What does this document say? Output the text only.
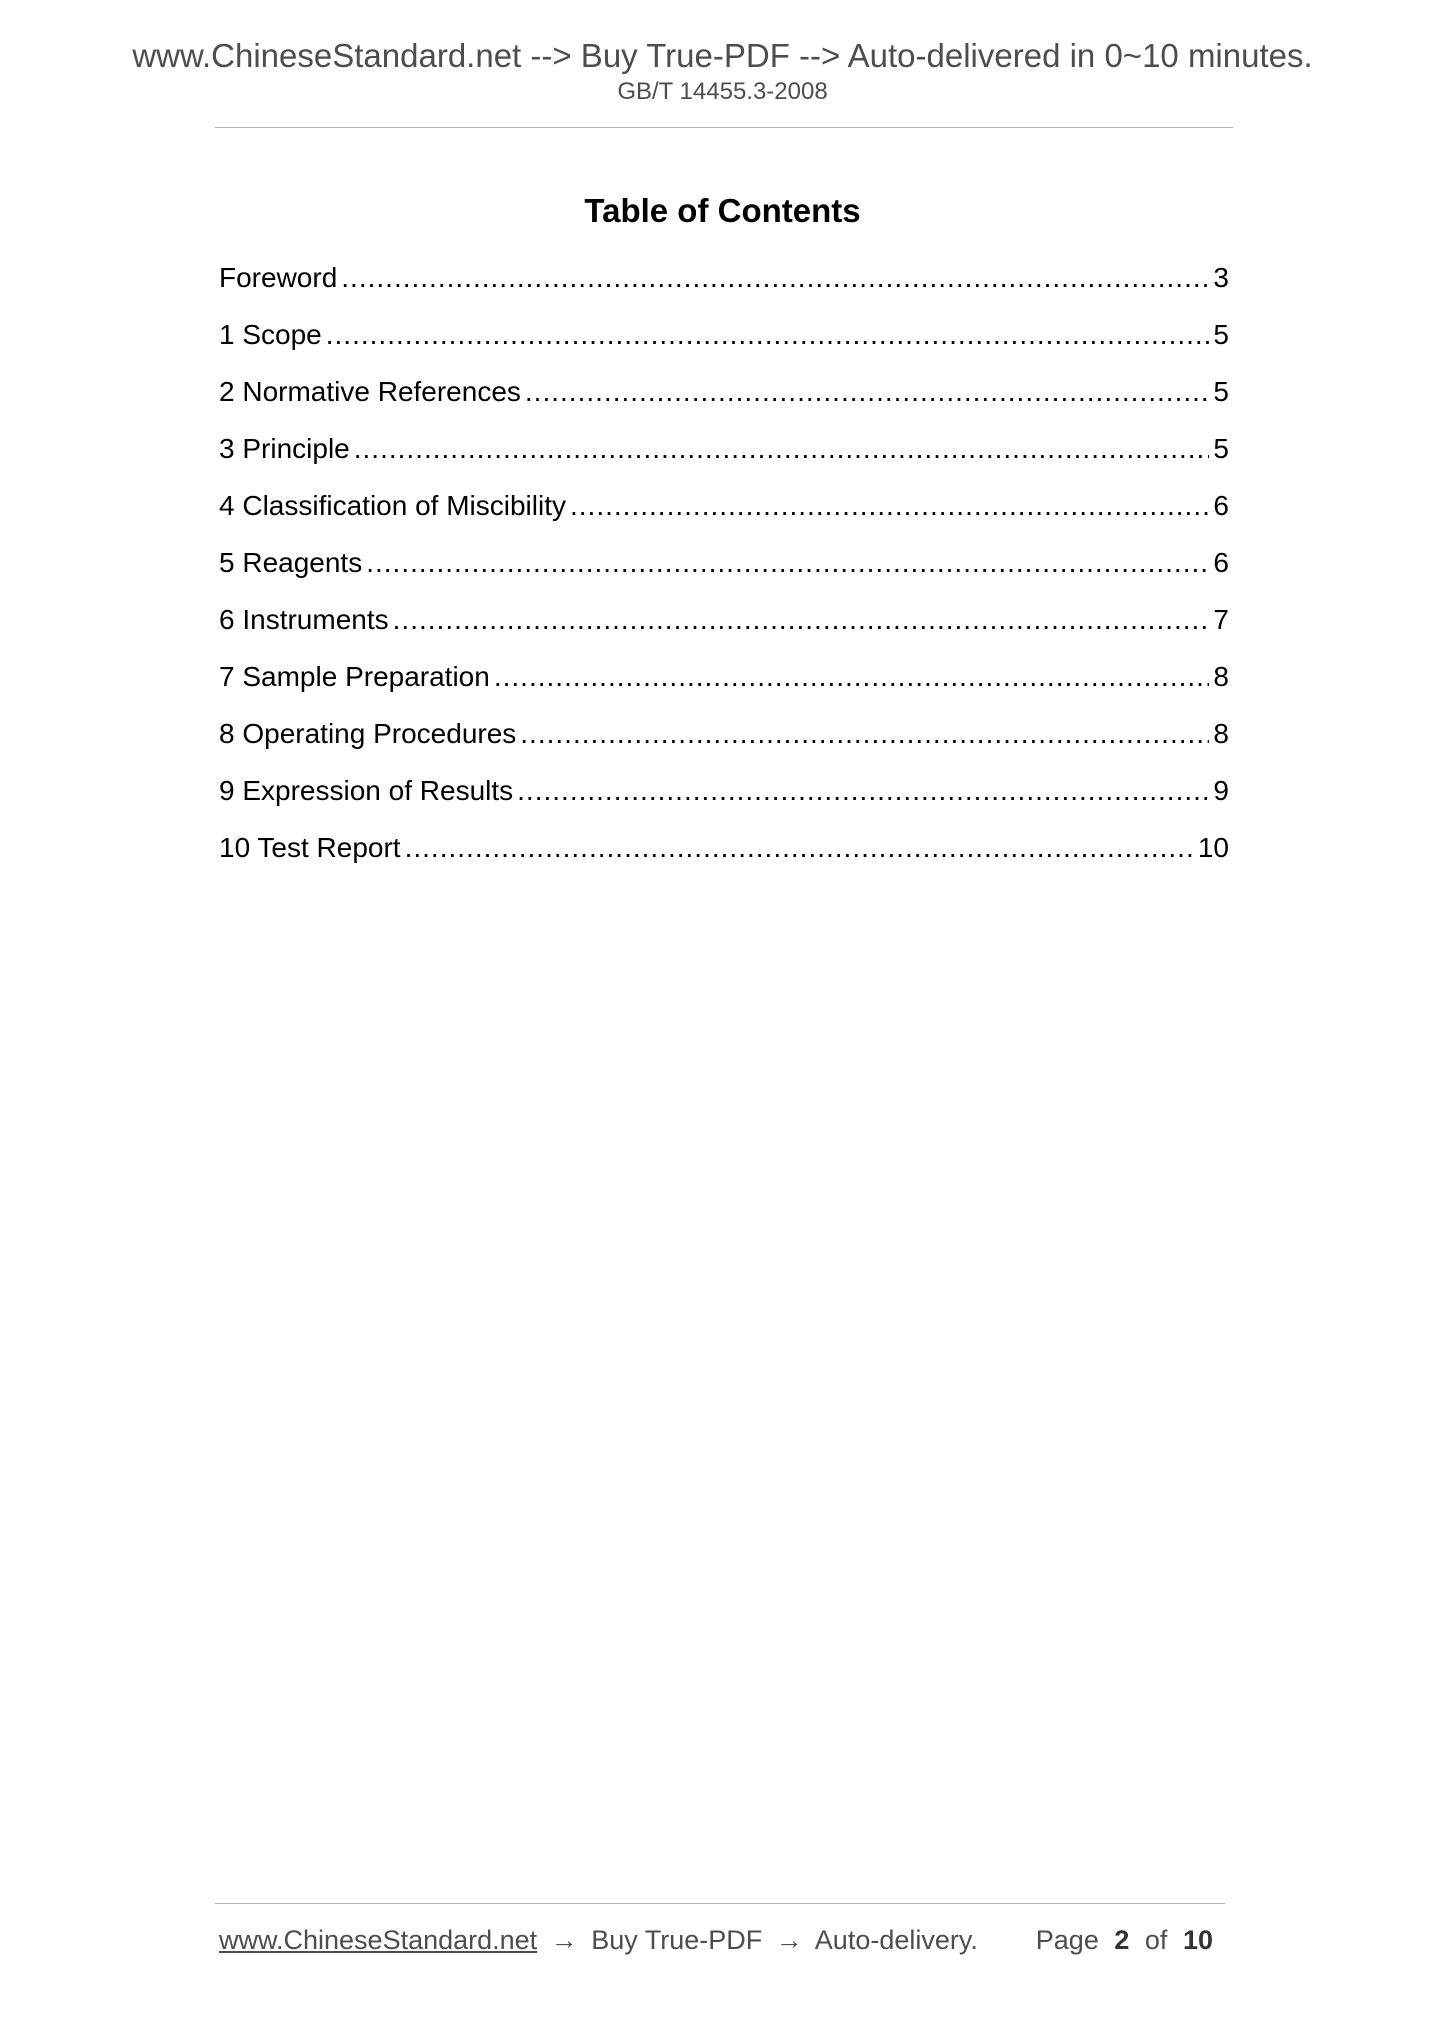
www.ChineseStandard.net --> Buy True-PDF --> Auto-delivered in 0~10 minutes.
GB/T 14455.3-2008
Table of Contents
Foreword .....	3
1 Scope .....	5
2 Normative References .....	5
3 Principle .....	5
4 Classification of Miscibility .....	6
5 Reagents .....	6
6 Instruments .....	7
7 Sample Preparation .....	8
8 Operating Procedures .....	8
9 Expression of Results .....	9
10 Test Report .....	10
www.ChineseStandard.net → Buy True-PDF → Auto-delivery. Page 2 of 10
